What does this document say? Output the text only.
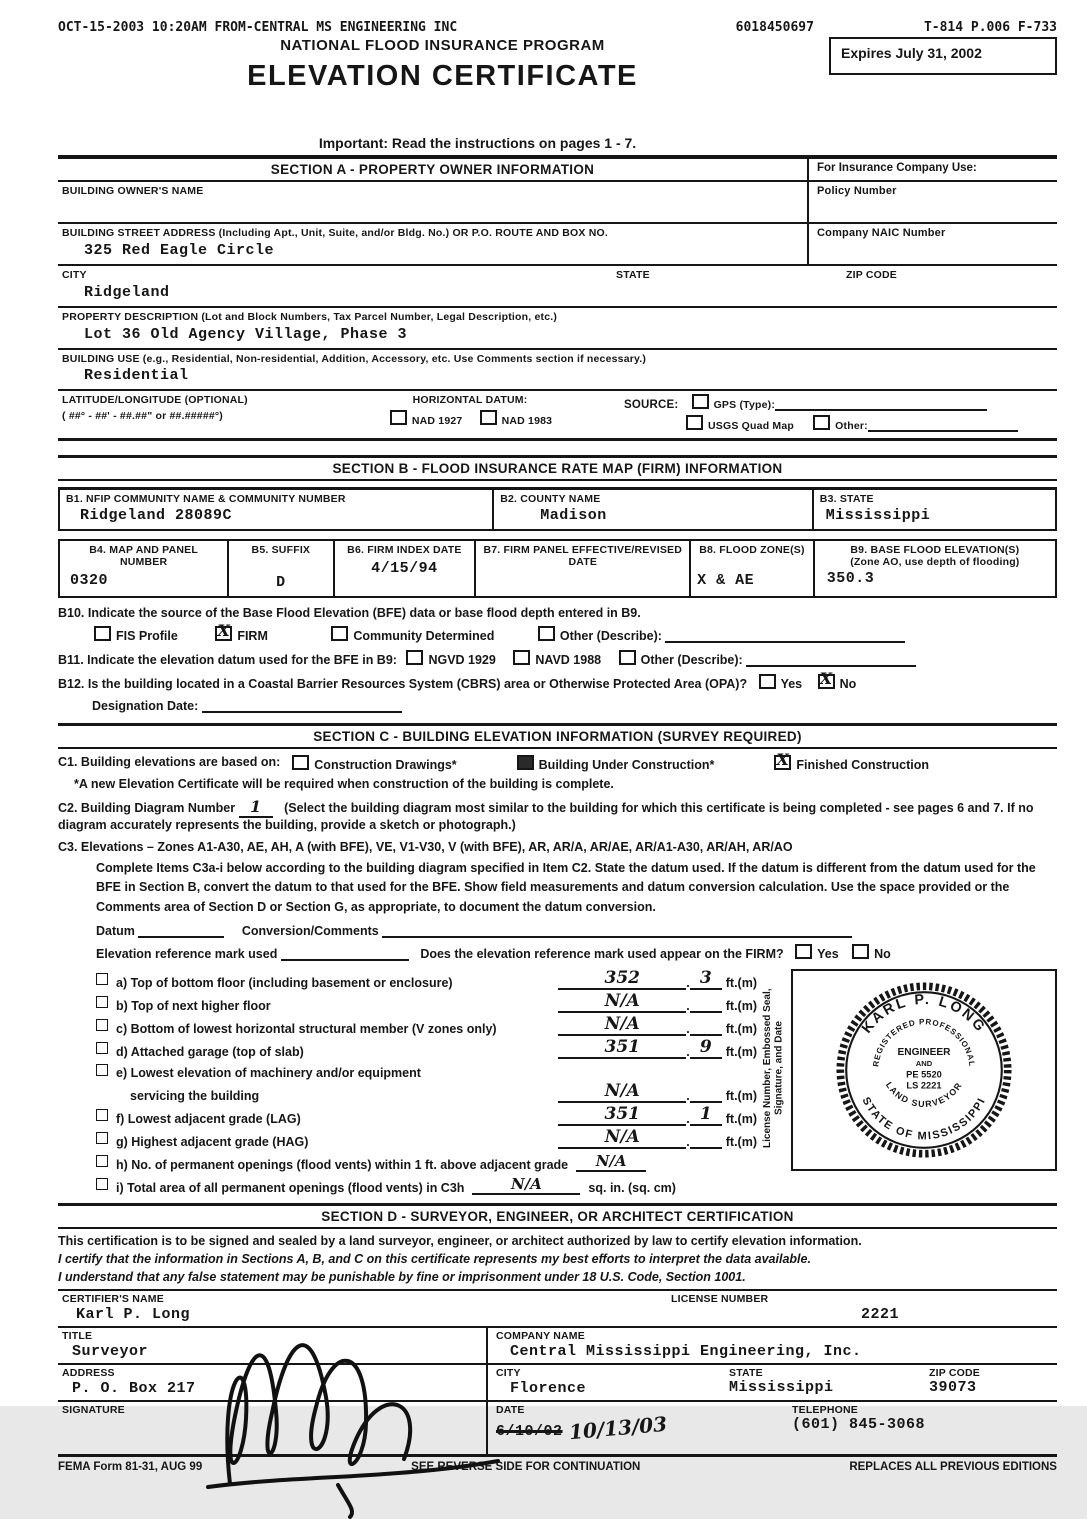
OCT-15-2003 10:20AM FROM-CENTRAL MS ENGINEERING INC	6018450697	T-814 P.006 F-733
NATIONAL FLOOD INSURANCE PROGRAM	Expires July 31, 2002
ELEVATION CERTIFICATE
Important: Read the instructions on pages 1 - 7.
SECTION A - PROPERTY OWNER INFORMATION	For Insurance Company Use:
BUILDING OWNER'S NAME	Policy Number
BUILDING STREET ADDRESS (Including Apt., Unit, Suite, and/or Bldg. No.) OR P.O. ROUTE AND BOX NO.
325 Red Eagle Circle
Company NAIC Number
CITY
Ridgeland
STATE	ZIP CODE
PROPERTY DESCRIPTION (Lot and Block Numbers, Tax Parcel Number, Legal Description, etc.)
Lot 36 Old Agency Village, Phase 3
BUILDING USE (e.g., Residential, Non-residential, Addition, Accessory, etc. Use Comments section if necessary.)
Residential
LATITUDE/LONGITUDE (OPTIONAL)
( ##° - ##' - ##.##" or ##.#####°)
HORIZONTAL DATUM:
NAD 1927	NAD 1983
SOURCE:	GPS (Type):
USGS Quad Map	Other:
SECTION B - FLOOD INSURANCE RATE MAP (FIRM) INFORMATION
B1. NFIP COMMUNITY NAME & COMMUNITY NUMBER
Ridgeland 28089C
B2. COUNTY NAME
Madison
B3. STATE
Mississippi
B4. MAP AND PANEL NUMBER
0320
B5. SUFFIX
D
B6. FIRM INDEX DATE
4/15/94
B7. FIRM PANEL EFFECTIVE/REVISED DATE
B8. FLOOD ZONE(S)
X & AE
B9. BASE FLOOD ELEVATION(S)
(Zone AO, use depth of flooding)
350.3
B10. Indicate the source of the Base Flood Elevation (BFE) data or base flood depth entered in B9.
FIS Profile X FIRM	Community Determined	Other (Describe):
B11. Indicate the elevation datum used for the BFE in B9:	NGVD 1929	NAVD 1988	Other (Describe):
B12. Is the building located in a Coastal Barrier Resources System (CBRS) area or Otherwise Protected Area (OPA)?	Yes X No
Designation Date:
SECTION C - BUILDING ELEVATION INFORMATION (SURVEY REQUIRED)
C1. Building elevations are based on:	Construction Drawings*	Building Under Construction*	X Finished Construction
*A new Elevation Certificate will be required when construction of the building is complete.
C2. Building Diagram Number 1 (Select the building diagram most similar to the building for which this certificate is being completed - see pages 6 and 7. If no diagram accurately represents the building, provide a sketch or photograph.)
C3. Elevations – Zones A1-A30, AE, AH, A (with BFE), VE, V1-V30, V (with BFE), AR, AR/A, AR/AE, AR/A1-A30, AR/AH, AR/AO
Complete Items C3a-i below according to the building diagram specified in Item C2. State the datum used. If the datum is different from the datum used for the BFE in Section B, convert the datum to that used for the BFE. Show field measurements and datum conversion calculation. Use the space provided or the Comments area of Section D or Section G, as appropriate, to document the datum conversion.
Datum	Conversion/Comments
Elevation reference mark used	Does the elevation reference mark used appear on the FIRM?	Yes	No
a) Top of bottom floor (including basement or enclosure)	352	. 3	ft.(m)
b) Top of next higher floor	N/A	.	ft.(m)
c) Bottom of lowest horizontal structural member (V zones only)	N/A	.	ft.(m)
d) Attached garage (top of slab)	351	. 9	ft.(m)
e) Lowest elevation of machinery and/or equipment
servicing the building	N/A	.	ft.(m)
f) Lowest adjacent grade (LAG)	351	. 1	ft.(m)
g) Highest adjacent grade (HAG)	N/A	.	ft.(m)
h) No. of permanent openings (flood vents) within 1 ft. above adjacent grade	N/A
i) Total area of all permanent openings (flood vents) in C3h	N/A	sq. in. (sq. cm)
License Number, Embossed Seal, Signature, and Date	KARL P. LONG
REGISTERED PROFESSIONAL
ENGINEER
AND
PE 5520
LS 2221
LAND SURVEYOR
STATE OF MISSISSIPPI
SECTION D - SURVEYOR, ENGINEER, OR ARCHITECT CERTIFICATION
This certification is to be signed and sealed by a land surveyor, engineer, or architect authorized by law to certify elevation information.
I certify that the information in Sections A, B, and C on this certificate represents my best efforts to interpret the data available.
I understand that any false statement may be punishable by fine or imprisonment under 18 U.S. Code, Section 1001.
CERTIFIER'S NAME
Karl P. Long
LICENSE NUMBER
2221
TITLE
Surveyor
COMPANY NAME
Central Mississippi Engineering, Inc.
ADDRESS
P. O. Box 217
CITY
Florence
STATE
Mississippi
ZIP CODE
39073
SIGNATURE	DATE
6/10/02 10/13/03
TELEPHONE
(601) 845-3068
FEMA Form 81-31, AUG 99	SEE REVERSE SIDE FOR CONTINUATION	REPLACES ALL PREVIOUS EDITIONS
